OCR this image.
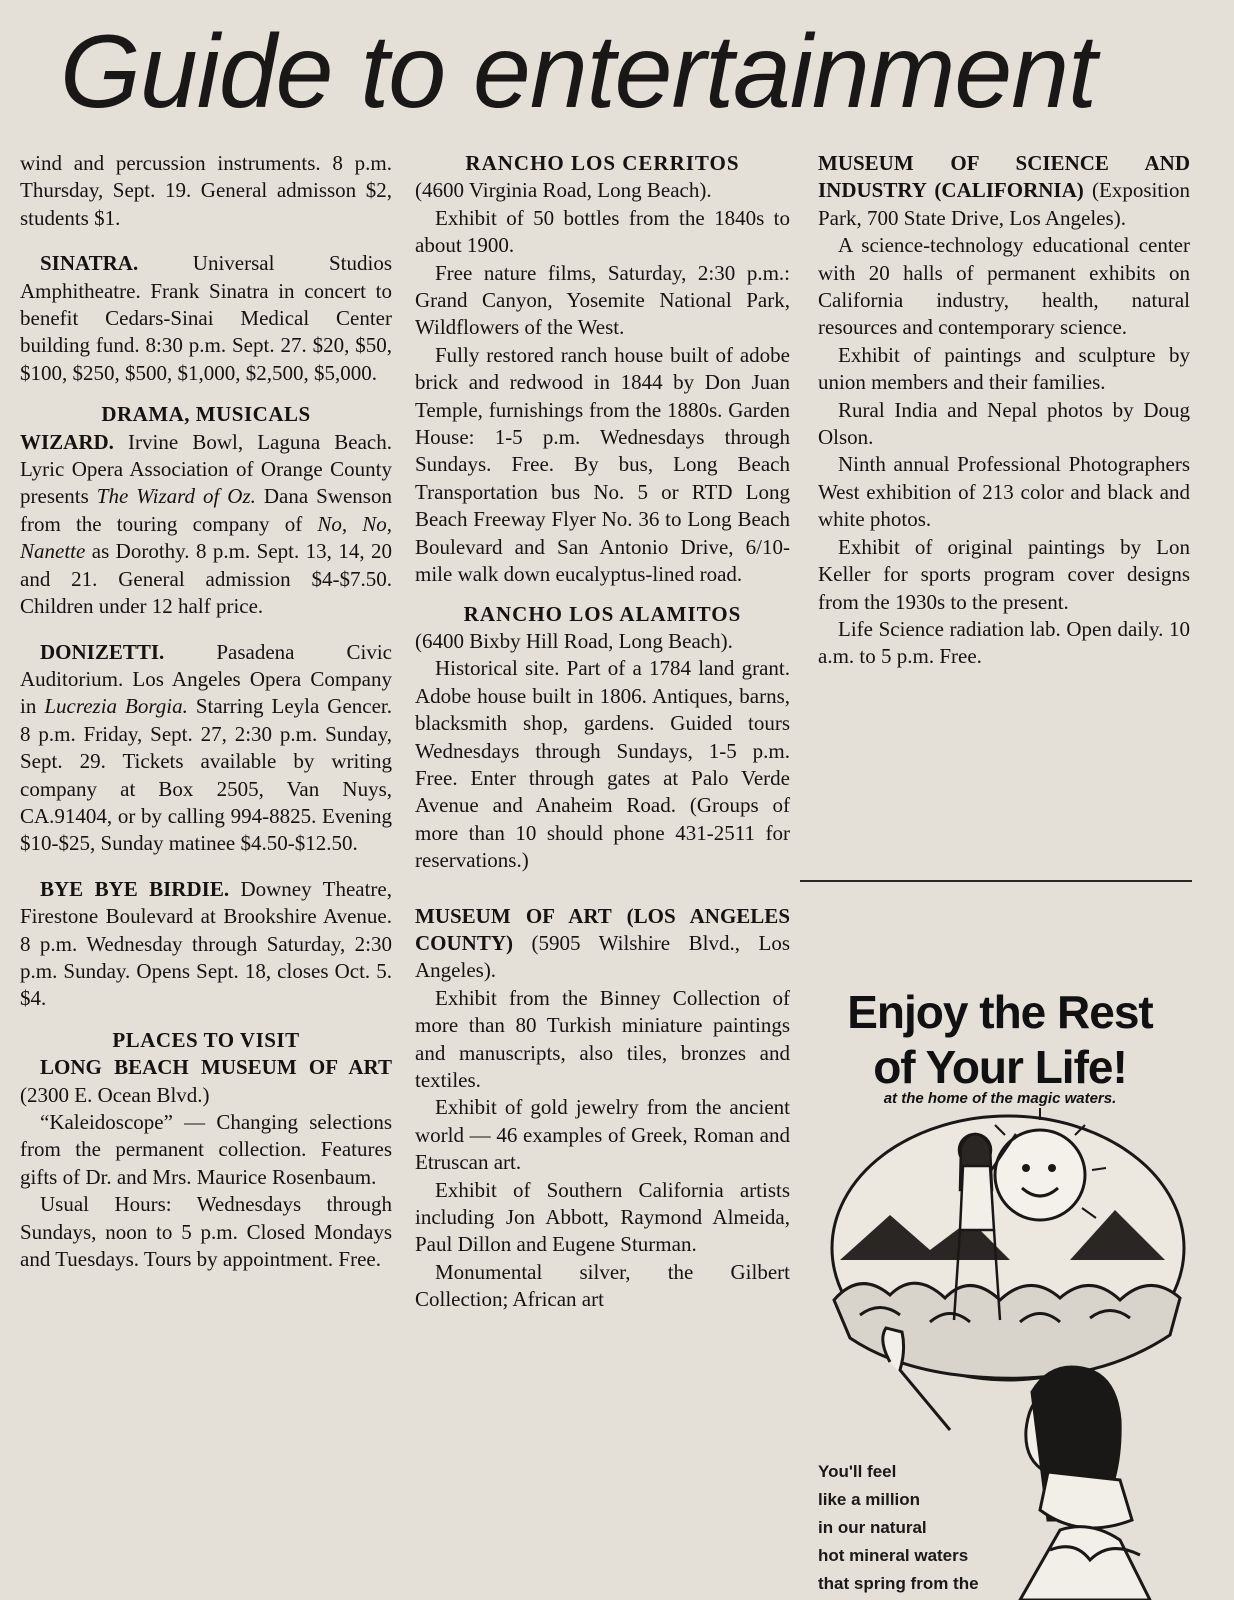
Guide to entertainment

wind and percussion instruments. 8 p.m. Thursday, Sept. 19. General admisson $2, students $1.

SINATRA. Universal Studios Amphitheatre. Frank Sinatra in concert to benefit Cedars-Sinai Medical Center building fund. 8:30 p.m. Sept. 27. $20, $50, $100, $250, $500, $1,000, $2,500, $5,000.

DRAMA, MUSICALS

WIZARD. Irvine Bowl, Laguna Beach. Lyric Opera Association of Orange County presents The Wizard of Oz. Dana Swenson from the touring company of No, No, Nanette as Dorothy. 8 p.m. Sept. 13, 14, 20 and 21. General admission $4-$7.50. Children under 12 half price.

DONIZETTI. Pasadena Civic Auditorium. Los Angeles Opera Company in Lucrezia Borgia. Starring Leyla Gencer. 8 p.m. Friday, Sept. 27, 2:30 p.m. Sunday, Sept. 29. Tickets available by writing company at Box 2505, Van Nuys, CA.91404, or by calling 994-8825. Evening $10-$25, Sunday matinee $4.50-$12.50.

BYE BYE BIRDIE. Downey Theatre, Firestone Boulevard at Brookshire Avenue. 8 p.m. Wednesday through Saturday, 2:30 p.m. Sunday. Opens Sept. 18, closes Oct. 5. $4.

PLACES TO VISIT

LONG BEACH MUSEUM OF ART (2300 E. Ocean Blvd.)

“Kaleidoscope” — Changing selections from the permanent collection. Features gifts of Dr. and Mrs. Maurice Rosenbaum.

Usual Hours: Wednesdays through Sundays, noon to 5 p.m. Closed Mondays and Tuesdays. Tours by appointment. Free.

RANCHO LOS CERRITOS

(4600 Virginia Road, Long Beach).

Exhibit of 50 bottles from the 1840s to about 1900.

Free nature films, Saturday, 2:30 p.m.: Grand Canyon, Yosemite National Park, Wildflowers of the West.

Fully restored ranch house built of adobe brick and redwood in 1844 by Don Juan Temple, furnishings from the 1880s. Garden House: 1-5 p.m. Wednesdays through Sundays. Free. By bus, Long Beach Transportation bus No. 5 or RTD Long Beach Freeway Flyer No. 36 to Long Beach Boulevard and San Antonio Drive, 6/10-mile walk down eucalyptus-lined road.

RANCHO LOS ALAMITOS

(6400 Bixby Hill Road, Long Beach).

Historical site. Part of a 1784 land grant. Adobe house built in 1806. Antiques, barns, blacksmith shop, gardens. Guided tours Wednesdays through Sundays, 1-5 p.m. Free. Enter through gates at Palo Verde Avenue and Anaheim Road. (Groups of more than 10 should phone 431-2511 for reservations.)

MUSEUM OF ART (LOS ANGELES COUNTY) (5905 Wilshire Blvd., Los Angeles).

Exhibit from the Binney Collection of more than 80 Turkish miniature paintings and manuscripts, also tiles, bronzes and textiles.

Exhibit of gold jewelry from the ancient world — 46 examples of Greek, Roman and Etruscan art.

Exhibit of Southern California artists including Jon Abbott, Raymond Almeida, Paul Dillon and Eugene Sturman.

Monumental silver, the Gilbert Collection; African art

MUSEUM OF SCIENCE AND INDUSTRY (CALIFORNIA) (Exposition Park, 700 State Drive, Los Angeles).

A science-technology educational center with 20 halls of permanent exhibits on California industry, health, natural resources and contemporary science.

Exhibit of paintings and sculpture by union members and their families.

Rural India and Nepal photos by Doug Olson.

Ninth annual Professional Photographers West exhibition of 213 color and black and white photos.

Exhibit of original paintings by Lon Keller for sports program cover designs from the 1930s to the present.

Life Science radiation lab. Open daily. 10 a.m. to 5 p.m. Free.

Enjoy the Rest
of Your Life!
at the home of the magic waters.
You'll feel
like a million
in our natural
hot mineral waters
that spring from the
